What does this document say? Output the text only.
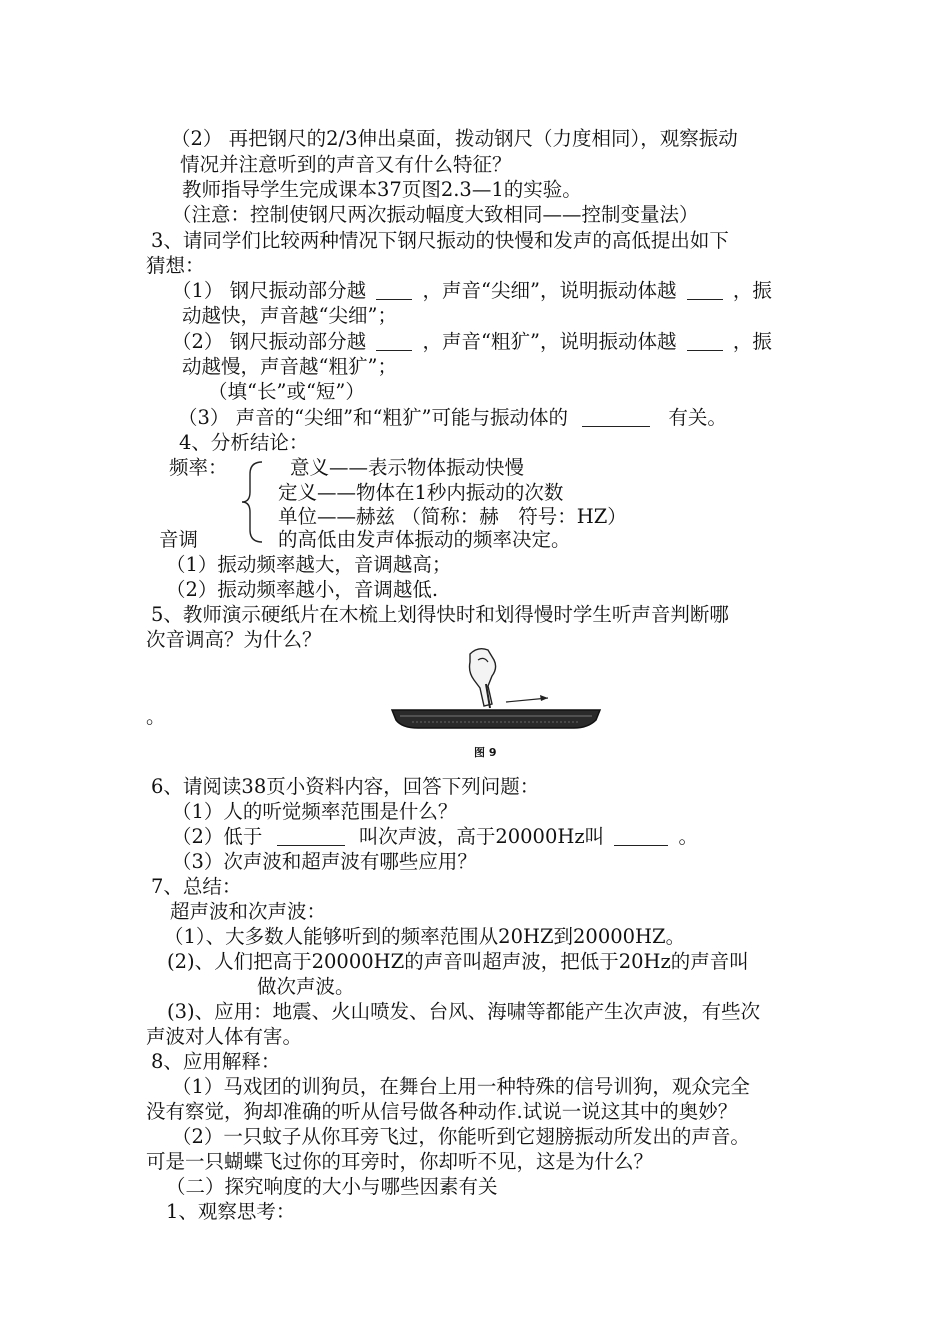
（2） 再把钢尺的2/3伸出桌面，拨动钢尺（力度相同），观察振动
情况并注意听到的声音又有什么特征？
教师指导学生完成课本37页图2.3—1的实验。
（注意：控制使钢尺两次振动幅度大致相同——控制变量法）
3、请同学们比较两种情况下钢尺振动的快慢和发声的高低提出如下
猜想：
（1） 钢尺振动部分越	，声音“尖细”，说明振动体越	，振
动越快，声音越“尖细”；
（2） 钢尺振动部分越	，声音“粗犷”，说明振动体越	，振
动越慢，声音越“粗犷”；
（填“长”或“短”）
（3） 声音的“尖细”和“粗犷”可能与振动体的	有关。
4、分析结论：
频率：	意义——表示物体振动快慢
定义——物体在1秒内振动的次数
单位——赫兹 （简称：赫　符号：HZ）
音调	的高低由发声体振动的频率决定。
（1）振动频率越大，音调越高；
（2）振动频率越小，音调越低.
5、教师演示硬纸片在木梳上划得快时和划得慢时学生听声音判断哪
次音调高？为什么？
。
图 9
6、请阅读38页小资料内容，回答下列问题：
（1）人的听觉频率范围是什么？
（2）低于	叫次声波，高于20000Hz叫	。
（3）次声波和超声波有哪些应用？
7、总结：
超声波和次声波：
（1）、大多数人能够听到的频率范围从20HZ到20000HZ。
(2)、人们把高于20000HZ的声音叫超声波，把低于20Hz的声音叫
做次声波。
(3)、应用：地震、火山喷发、台风、海啸等都能产生次声波，有些次
声波对人体有害。
8、应用解释：
（1）马戏团的训狗员，在舞台上用一种特殊的信号训狗，观众完全
没有察觉，狗却准确的听从信号做各种动作.试说一说这其中的奥妙？
（2）一只蚊子从你耳旁飞过，你能听到它翅膀振动所发出的声音。
可是一只蝴蝶飞过你的耳旁时，你却听不见，这是为什么？
（二）探究响度的大小与哪些因素有关
1、观察思考：
